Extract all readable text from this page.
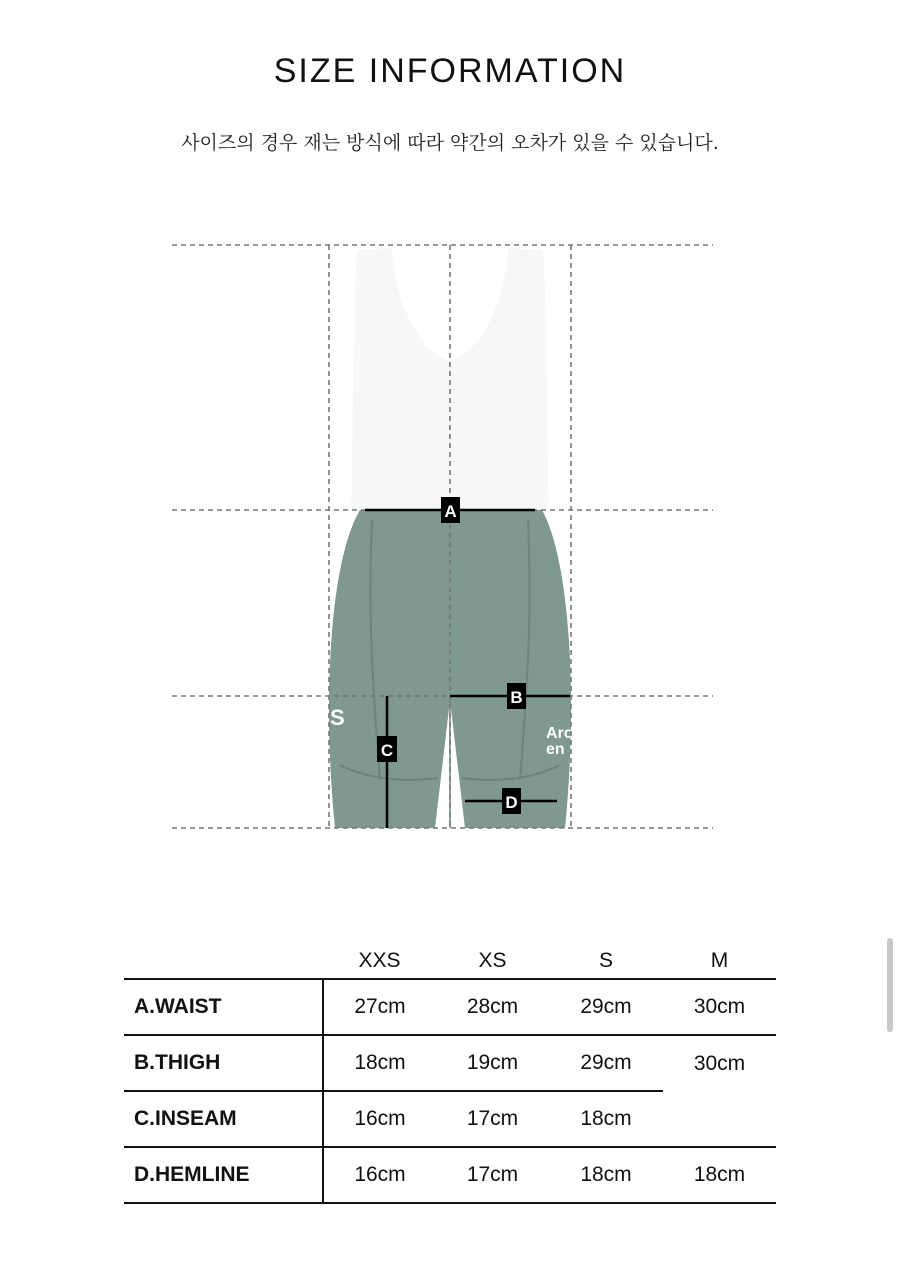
SIZE INFORMATION
사이즈의 경우 재는 방식에 따라 약간의 오차가 있을 수 있습니다.
Arc
en
S
A
B
C
D
	XXS	XS	S	M
A.WAIST	27cm	28cm	29cm	30cm
B.THIGH	18cm	19cm	29cm	30cm
C.INSEAM	16cm	17cm	18cm	
D.HEMLINE	16cm	17cm	18cm	18cm
